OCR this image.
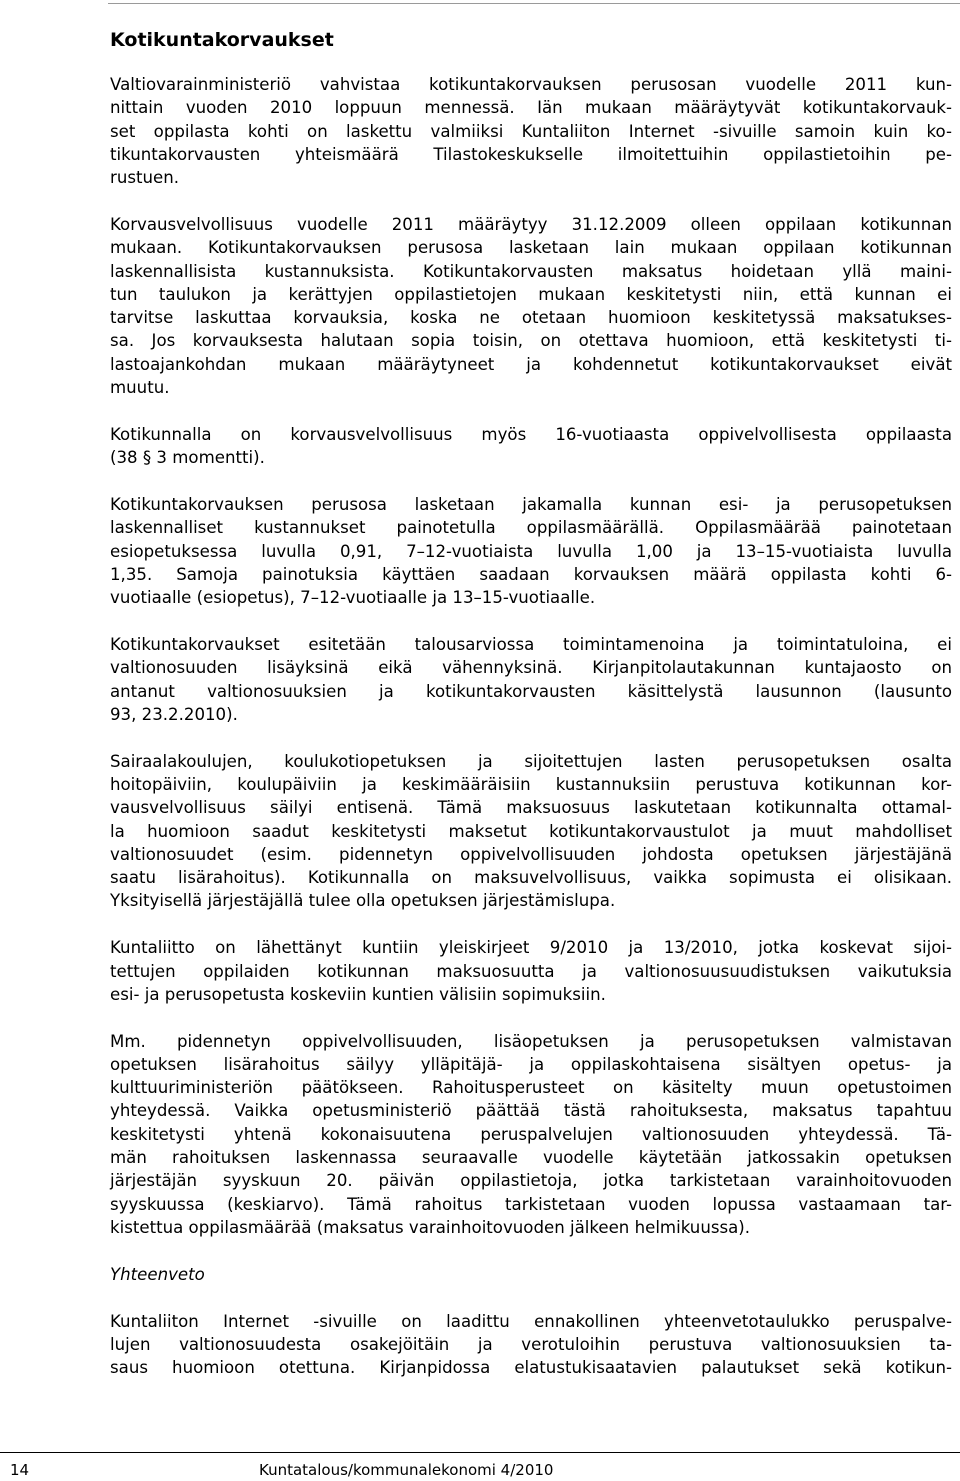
Kotikuntakorvaukset
Valtiovarainministeriö vahvistaa kotikuntakorvauksen perusosan vuodelle 2011 kun-
nittain vuoden 2010 loppuun mennessä. Iän mukaan määräytyvät kotikuntakorvauk-
set oppilasta kohti on laskettu valmiiksi Kuntaliiton Internet -sivuille samoin kuin ko-
tikuntakorvausten yhteismäärä Tilastokeskukselle ilmoitettuihin oppilastietoihin pe-
rustuen.
Korvausvelvollisuus vuodelle 2011 määräytyy 31.12.2009 olleen oppilaan kotikunnan
mukaan. Kotikuntakorvauksen perusosa lasketaan lain mukaan oppilaan kotikunnan
laskennallisista kustannuksista. Kotikuntakorvausten maksatus hoidetaan yllä maini-
tun taulukon ja kerättyjen oppilastietojen mukaan keskitetysti niin, että kunnan ei
tarvitse laskuttaa korvauksia, koska ne otetaan huomioon keskitetyssä maksatukses-
sa. Jos korvauksesta halutaan sopia toisin, on otettava huomioon, että keskitetysti ti-
lastoajankohdan mukaan määräytyneet ja kohdennetut kotikuntakorvaukset eivät
muutu.
Kotikunnalla on korvausvelvollisuus myös 16-vuotiaasta oppivelvollisesta oppilaasta
(38 § 3 momentti).
Kotikuntakorvauksen perusosa lasketaan jakamalla kunnan esi- ja perusopetuksen
laskennalliset kustannukset painotetulla oppilasmäärällä. Oppilasmäärää painotetaan
esiopetuksessa luvulla 0,91, 7–12-vuotiaista luvulla 1,00 ja 13–15-vuotiaista luvulla
1,35. Samoja painotuksia käyttäen saadaan korvauksen määrä oppilasta kohti 6-
vuotiaalle (esiopetus), 7–12-vuotiaalle ja 13–15-vuotiaalle.
Kotikuntakorvaukset esitetään talousarviossa toimintamenoina ja toimintatuloina, ei
valtionosuuden lisäyksinä eikä vähennyksinä. Kirjanpitolautakunnan kuntajaosto on
antanut valtionosuuksien ja kotikuntakorvausten käsittelystä lausunnon (lausunto
93, 23.2.2010).
Sairaalakoulujen, koulukotiopetuksen ja sijoitettujen lasten perusopetuksen osalta
hoitopäiviin, koulupäiviin ja keskimääräisiin kustannuksiin perustuva kotikunnan kor-
vausvelvollisuus säilyi entisenä. Tämä maksuosuus laskutetaan kotikunnalta ottamal-
la huomioon saadut keskitetysti maksetut kotikuntakorvaustulot ja muut mahdolliset
valtionosuudet (esim. pidennetyn oppivelvollisuuden johdosta opetuksen järjestäjänä
saatu lisärahoitus). Kotikunnalla on maksuvelvollisuus, vaikka sopimusta ei olisikaan.
Yksityisellä järjestäjällä tulee olla opetuksen järjestämislupa.
Kuntaliitto on lähettänyt kuntiin yleiskirjeet 9/2010 ja 13/2010, jotka koskevat sijoi-
tettujen oppilaiden kotikunnan maksuosuutta ja valtionosuusuudistuksen vaikutuksia
esi- ja perusopetusta koskeviin kuntien välisiin sopimuksiin.
Mm. pidennetyn oppivelvollisuuden, lisäopetuksen ja perusopetuksen valmistavan
opetuksen lisärahoitus säilyy ylläpitäjä- ja oppilaskohtaisena sisältyen opetus- ja
kulttuuriministeriön päätökseen. Rahoitusperusteet on käsitelty muun opetustoimen
yhteydessä. Vaikka opetusministeriö päättää tästä rahoituksesta, maksatus tapahtuu
keskitetysti yhtenä kokonaisuutena peruspalvelujen valtionosuuden yhteydessä. Tä-
män rahoituksen laskennassa seuraavalle vuodelle käytetään jatkossakin opetuksen
järjestäjän syyskuun 20. päivän oppilastietoja, jotka tarkistetaan varainhoitovuoden
syyskuussa (keskiarvo). Tämä rahoitus tarkistetaan vuoden lopussa vastaamaan tar-
kistettua oppilasmäärää (maksatus varainhoitovuoden jälkeen helmikuussa).
Yhteenveto
Kuntaliiton Internet -sivuille on laadittu ennakollinen yhteenvetotaulukko peruspalve-
lujen valtionosuudesta osakejöitäin ja verotuloihin perustuva valtionosuuksien ta-
saus huomioon otettuna. Kirjanpidossa elatustukisaatavien palautukset sekä kotikun-
14	Kuntatalous/kommunalekonomi 4/2010
